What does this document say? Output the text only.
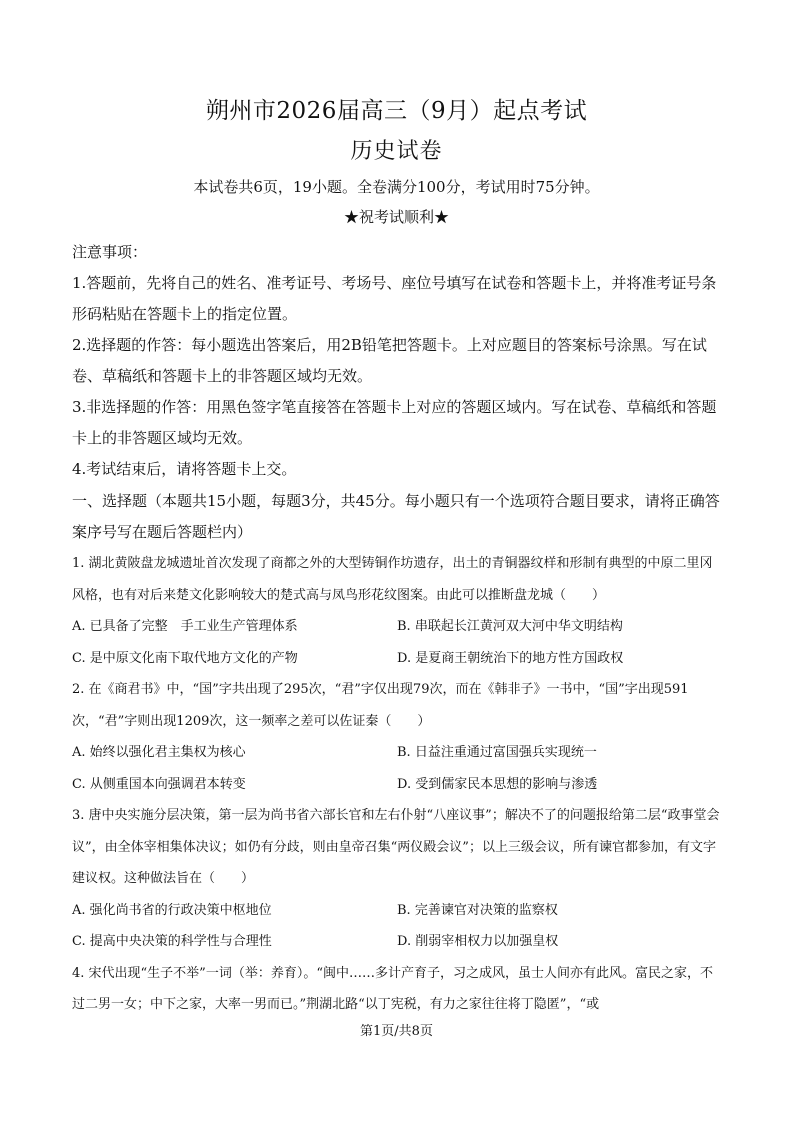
朔州市2026届高三（9月）起点考试
历史试卷
本试卷共6页，19小题。全卷满分100分，考试用时75分钟。
★祝考试顺利★

注意事项：

1.答题前，先将自己的姓名、准考证号、考场号、座位号填写在试卷和答题卡上，并将准考证号条形码粘贴在答题卡上的指定位置。

2.选择题的作答：每小题选出答案后，用2B铅笔把答题卡。上对应题目的答案标号涂黑。写在试卷、草稿纸和答题卡上的非答题区域均无效。

3.非选择题的作答：用黑色签字笔直接答在答题卡上对应的答题区域内。写在试卷、草稿纸和答题卡上的非答题区域均无效。

4.考试结束后，请将答题卡上交。

一、选择题（本题共15小题，每题3分，共45分。每小题只有一个选项符合题目要求，请将正确答案序号写在题后答题栏内）

1. 湖北黄陂盘龙城遗址首次发现了商都之外的大型铸铜作坊遗存，出土的青铜器纹样和形制有典型的中原二里冈风格，也有对后来楚文化影响较大的楚式高与凤鸟形花纹图案。由此可以推断盘龙城（　　）

A. 已具备了完整　手工业生产管理体系	B. 串联起长江黄河双大河中华文明结构
C. 是中原文化南下取代地方文化的产物	D. 是夏商王朝统治下的地方性方国政权

2. 在《商君书》中，“国”字共出现了295次，“君”字仅出现79次，而在《韩非子》一书中，“国”字出现591次，“君”字则出现1209次，这一频率之差可以佐证秦（　　）

A. 始终以强化君主集权为核心	B. 日益注重通过富国强兵实现统一
C. 从侧重国本向强调君本转变	D. 受到儒家民本思想的影响与渗透

3. 唐中央实施分层决策，第一层为尚书省六部长官和左右仆射“八座议事”；解决不了的问题报给第二层“政事堂会议”，由全体宰相集体决议；如仍有分歧，则由皇帝召集“两仪殿会议”；以上三级会议，所有谏官都参加，有文字建议权。这种做法旨在（　　）

A. 强化尚书省的行政决策中枢地位	B. 完善谏官对决策的监察权
C. 提高中央决策的科学性与合理性	D. 削弱宰相权力以加强皇权

4. 宋代出现“生子不举”一词（举：养育）。“闽中……多计产育子，习之成风，虽士人间亦有此风。富民之家，不过二男一女；中下之家，大率一男而已。”荆湖北路“以丁宪税，有力之家往往将丁隐匿”，“或

第1页/共8页
